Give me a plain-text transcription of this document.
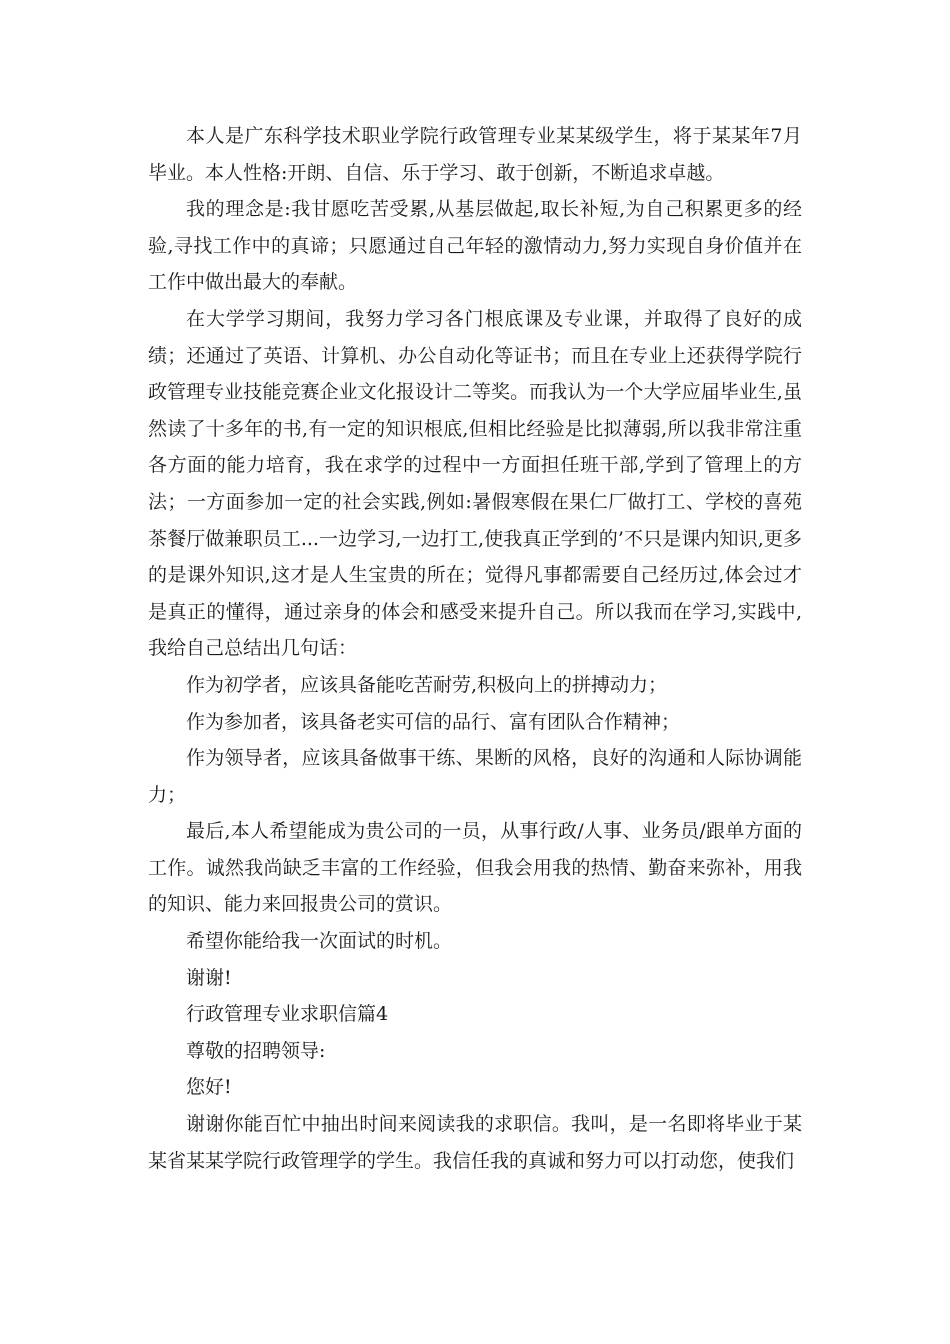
本人是广东科学技术职业学院行政管理专业某某级学生，将于某某年7月毕业。本人性格:开朗、自信、乐于学习、敢于创新，不断追求卓越。

我的理念是:我甘愿吃苦受累,从基层做起,取长补短,为自己积累更多的经验,寻找工作中的真谛；只愿通过自己年轻的激情动力,努力实现自身价值并在工作中做出最大的奉献。

在大学学习期间，我努力学习各门根底课及专业课，并取得了良好的成绩；还通过了英语、计算机、办公自动化等证书；而且在专业上还获得学院行政管理专业技能竞赛企业文化报设计二等奖。而我认为一个大学应届毕业生,虽然读了十多年的书,有一定的知识根底,但相比经验是比拟薄弱,所以我非常注重各方面的能力培育，我在求学的过程中一方面担任班干部,学到了管理上的方法；一方面参加一定的社会实践,例如:暑假寒假在果仁厂做打工、学校的喜苑茶餐厅做兼职员工...一边学习,一边打工,使我真正学到的’不只是课内知识,更多的是课外知识,这才是人生宝贵的所在；觉得凡事都需要自己经历过,体会过才是真正的懂得，通过亲身的体会和感受来提升自己。所以我而在学习,实践中,我给自己总结出几句话：

作为初学者，应该具备能吃苦耐劳,积极向上的拼搏动力；

作为参加者，该具备老实可信的品行、富有团队合作精神；

作为领导者，应该具备做事干练、果断的风格，良好的沟通和人际协调能力；

最后,本人希望能成为贵公司的一员，从事行政/人事、业务员/跟单方面的工作。诚然我尚缺乏丰富的工作经验，但我会用我的热情、勤奋来弥补，用我的知识、能力来回报贵公司的赏识。

希望你能给我一次面试的时机。

谢谢!

行政管理专业求职信篇4

尊敬的招聘领导:

您好!

谢谢你能百忙中抽出时间来阅读我的求职信。我叫，是一名即将毕业于某某省某某学院行政管理学的学生。我信任我的真诚和努力可以打动您，使我们
